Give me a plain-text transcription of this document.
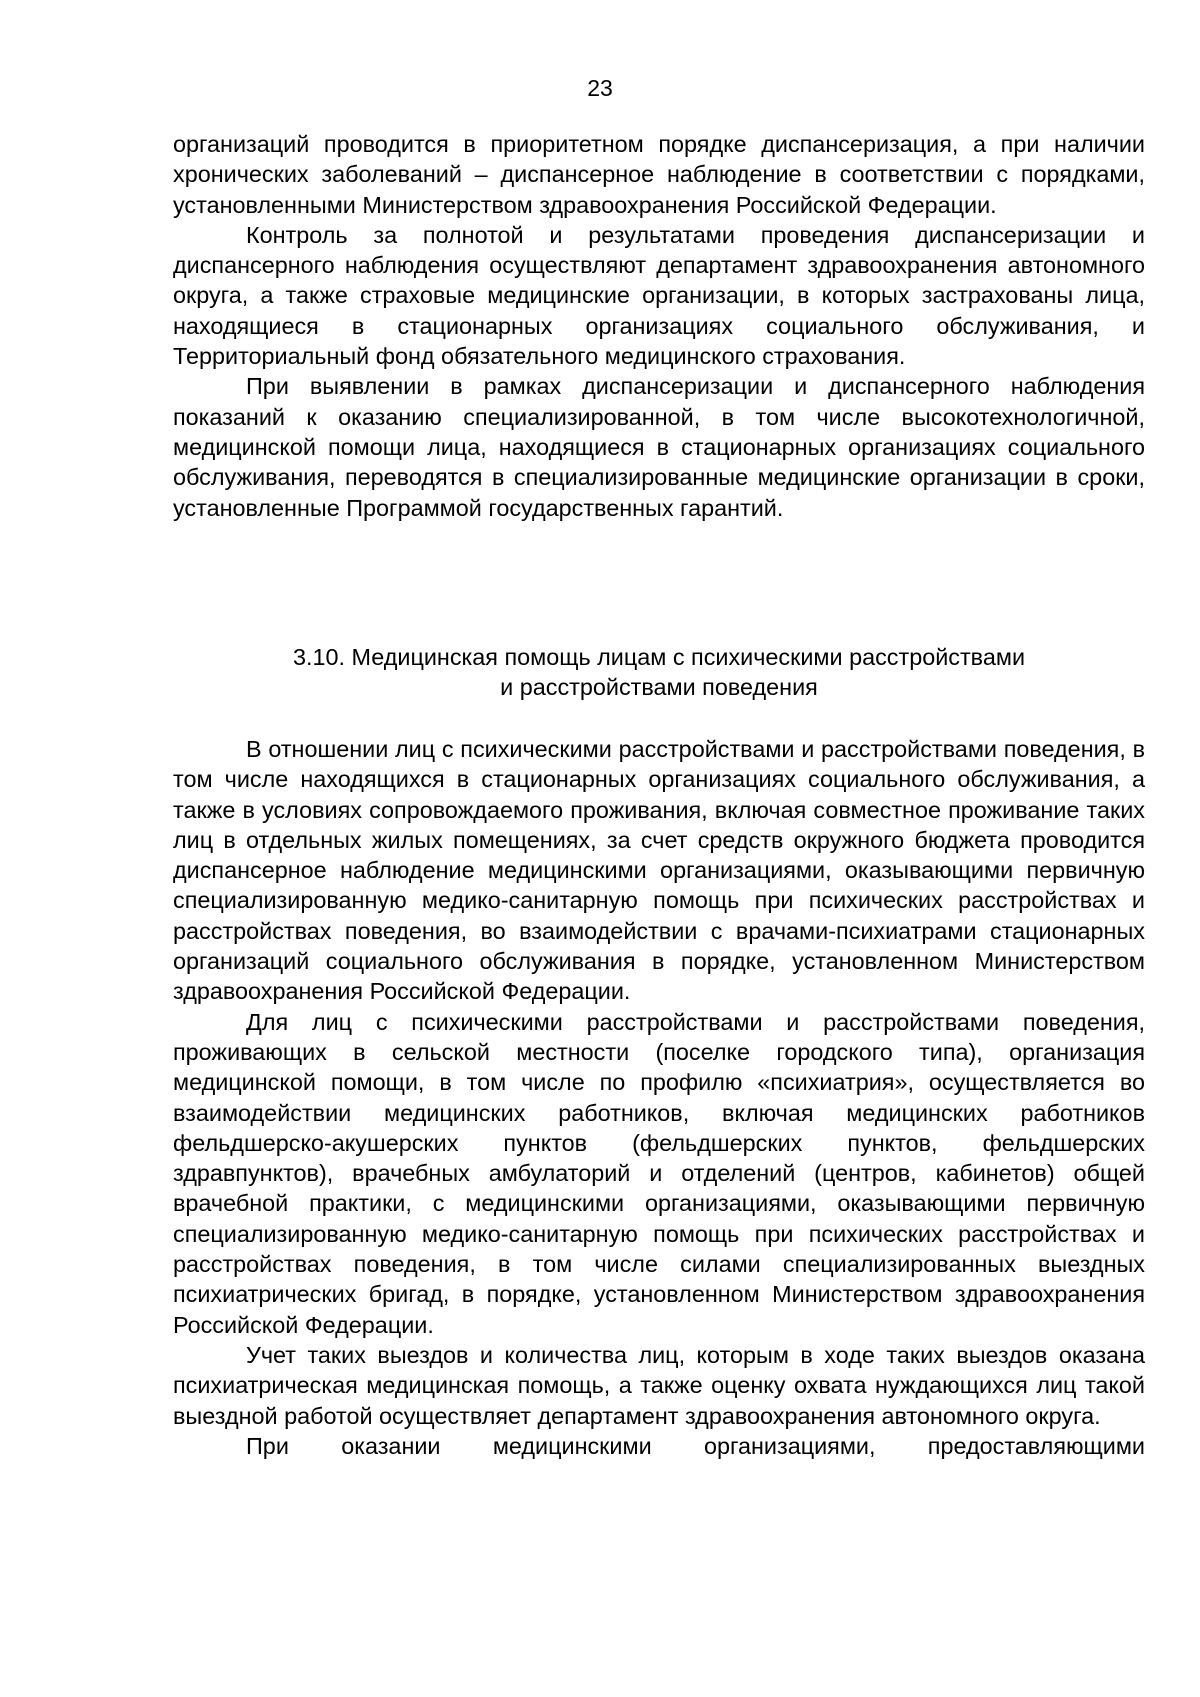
23

организаций проводится в приоритетном порядке диспансеризация, а при наличии хронических заболеваний – диспансерное наблюдение в соответствии с порядками, установленными Министерством здравоохранения Российской Федерации.

Контроль за полнотой и результатами проведения диспансеризации и диспансерного наблюдения осуществляют департамент здравоохранения автономного округа, а также страховые медицинские организации, в которых застрахованы лица, находящиеся в стационарных организациях социального обслуживания, и Территориальный фонд обязательного медицинского страхования.

При выявлении в рамках диспансеризации и диспансерного наблюдения показаний к оказанию специализированной, в том числе высокотехнологичной, медицинской помощи лица, находящиеся в стационарных организациях социального обслуживания, переводятся в специализированные медицинские организации в сроки, установленные Программой государственных гарантий.

3.10. Медицинская помощь лицам с психическими расстройствами
и расстройствами поведения

В отношении лиц с психическими расстройствами и расстройствами поведения, в том числе находящихся в стационарных организациях социального обслуживания, а также в условиях сопровождаемого проживания, включая совместное проживание таких лиц в отдельных жилых помещениях, за счет средств окружного бюджета проводится диспансерное наблюдение медицинскими организациями, оказывающими первичную специализированную медико-санитарную помощь при психических расстройствах и расстройствах поведения, во взаимодействии с врачами-психиатрами стационарных организаций социального обслуживания в порядке, установленном Министерством здравоохранения Российской Федерации.

Для лиц с психическими расстройствами и расстройствами поведения, проживающих в сельской местности (поселке городского типа), организация медицинской помощи, в том числе по профилю «психиатрия», осуществляется во взаимодействии медицинских работников, включая медицинских работников фельдшерско-акушерских пунктов (фельдшерских пунктов, фельдшерских здравпунктов), врачебных амбулаторий и отделений (центров, кабинетов) общей врачебной практики, с медицинскими организациями, оказывающими первичную специализированную медико-санитарную помощь при психических расстройствах и расстройствах поведения, в том числе силами специализированных выездных психиатрических бригад, в порядке, установленном Министерством здравоохранения Российской Федерации.

Учет таких выездов и количества лиц, которым в ходе таких выездов оказана психиатрическая медицинская помощь, а также оценку охвата нуждающихся лиц такой выездной работой осуществляет департамент здравоохранения автономного округа.

При оказании медицинскими организациями, предоставляющими
